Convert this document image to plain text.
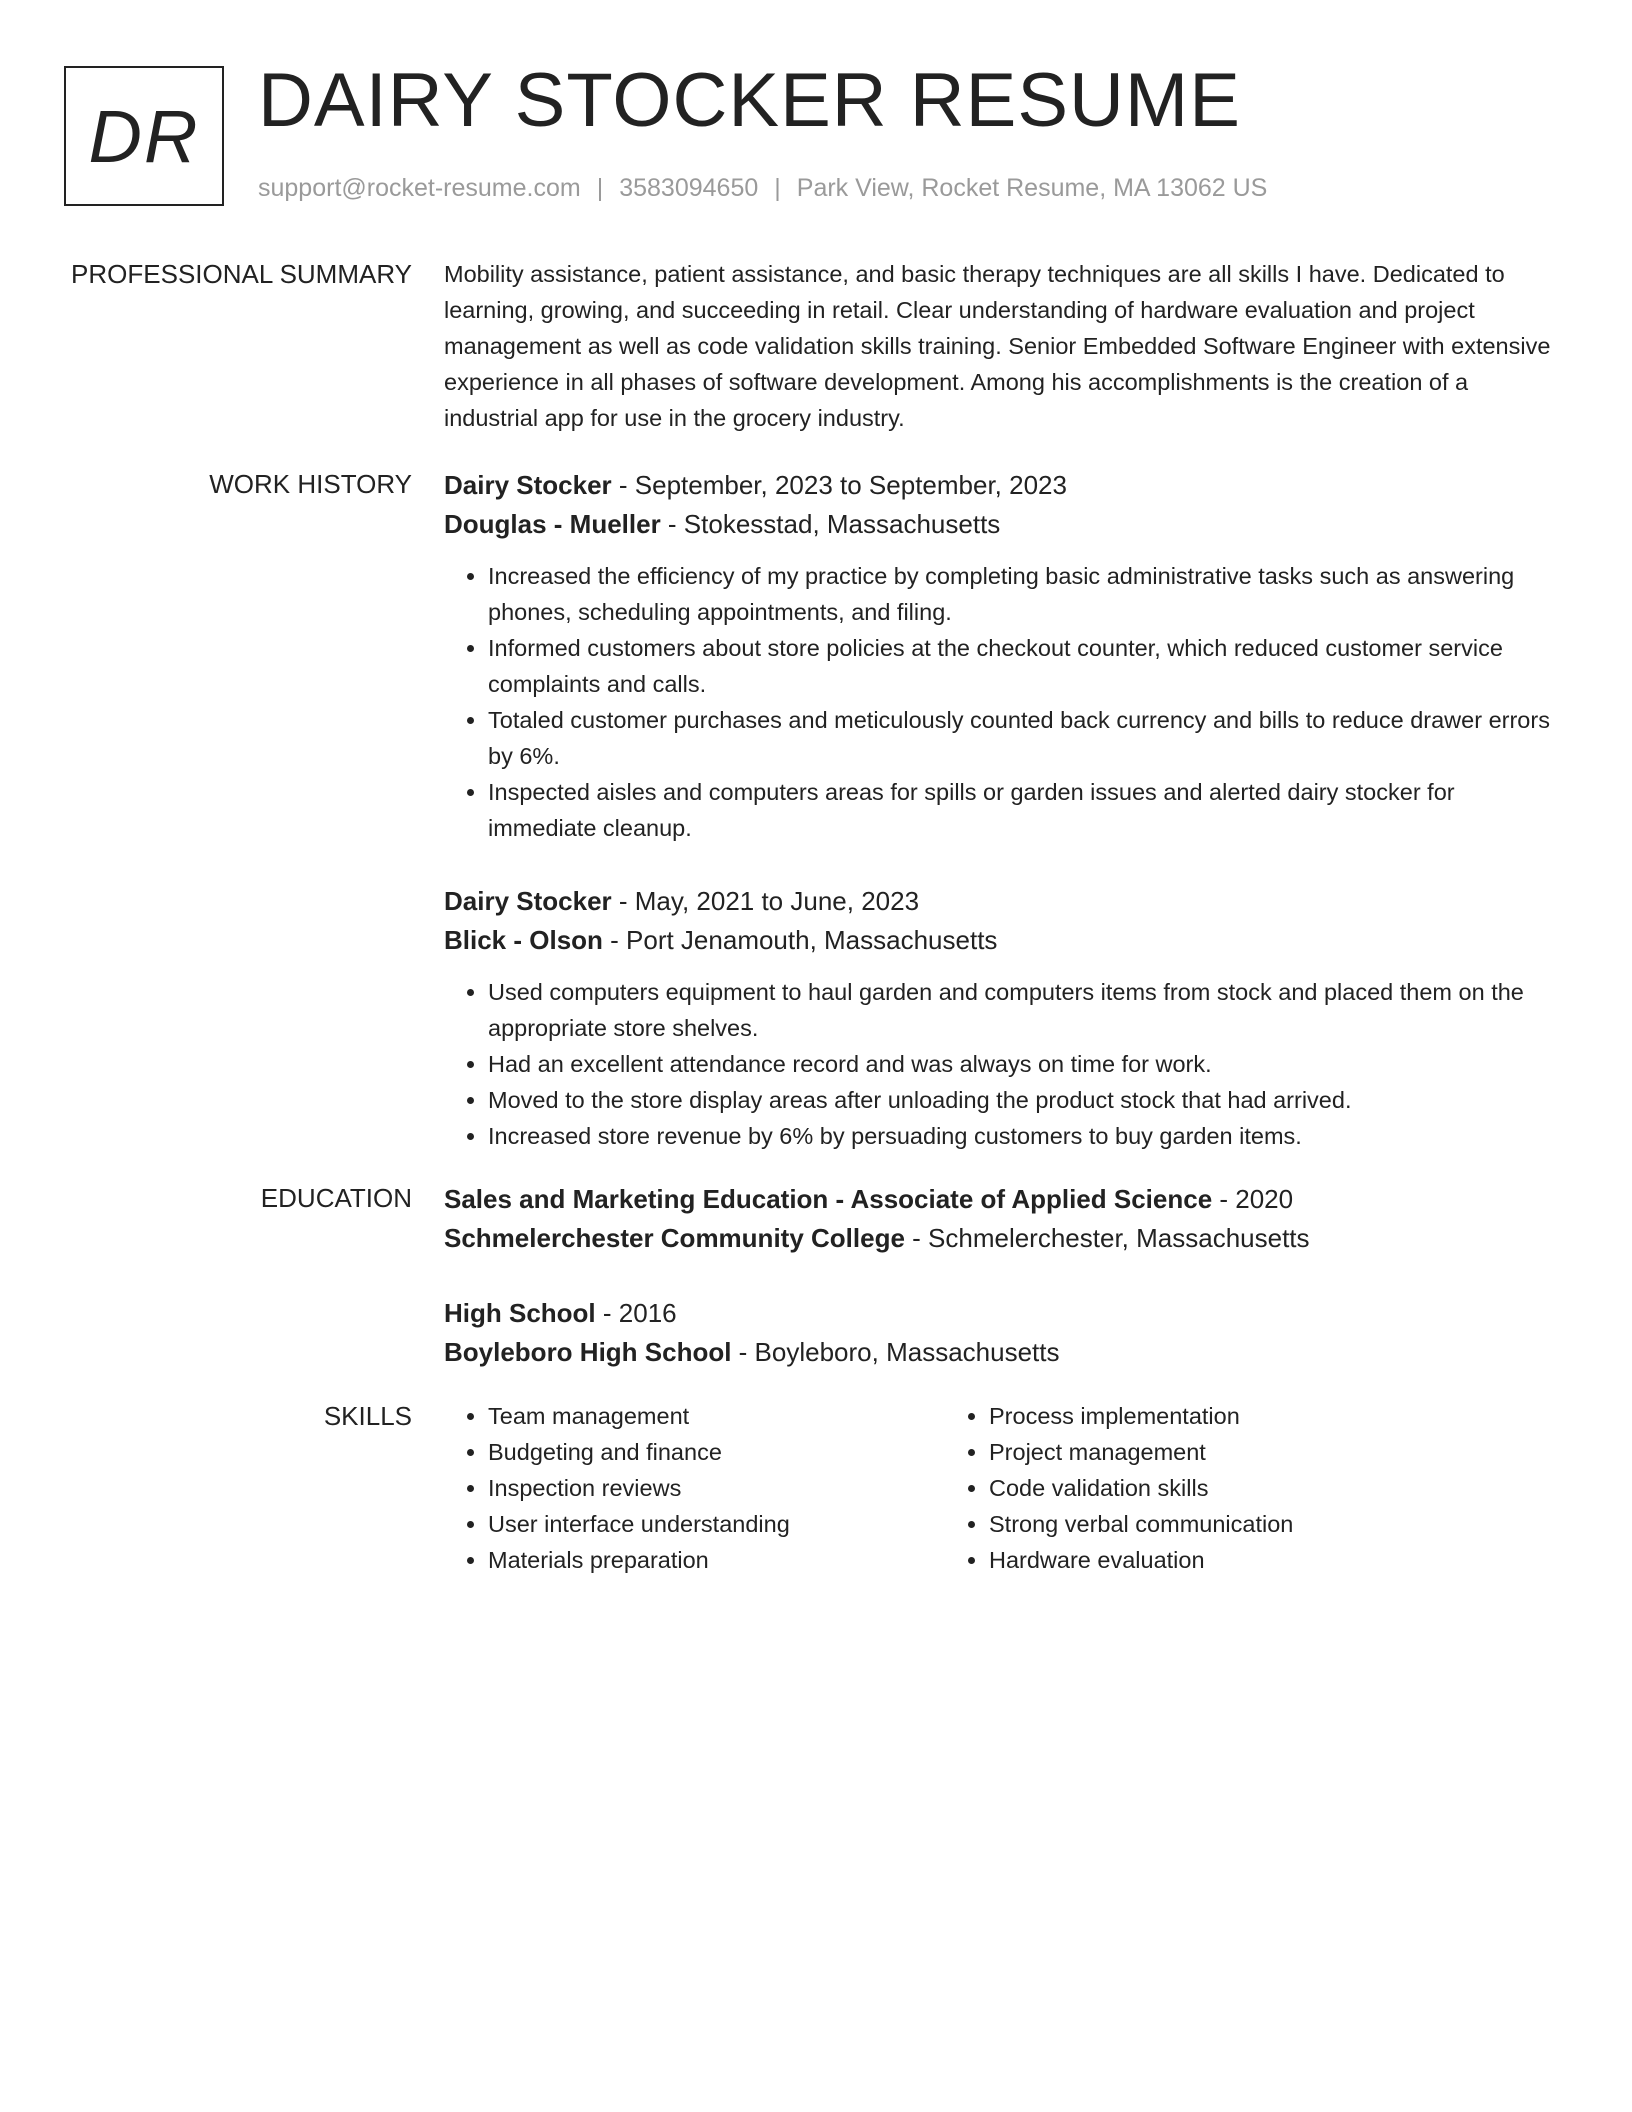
DR DAIRY STOCKER RESUME
support@rocket-resume.com | 3583094650 | Park View, Rocket Resume, MA 13062 US
PROFESSIONAL SUMMARY Mobility assistance, patient assistance, and basic therapy techniques are all skills I have. Dedicated to learning, growing, and succeeding in retail. Clear understanding of hardware evaluation and project management as well as code validation skills training. Senior Embedded Software Engineer with extensive experience in all phases of software development. Among his accomplishments is the creation of a industrial app for use in the grocery industry.

WORK HISTORY Dairy Stocker - September, 2023 to September, 2023
Douglas - Mueller - Stokesstad, Massachusetts
• Increased the efficiency of my practice by completing basic administrative tasks such as answering phones, scheduling appointments, and filing.
• Informed customers about store policies at the checkout counter, which reduced customer service complaints and calls.
• Totaled customer purchases and meticulously counted back currency and bills to reduce drawer errors by 6%.
• Inspected aisles and computers areas for spills or garden issues and alerted dairy stocker for immediate cleanup.
Dairy Stocker - May, 2021 to June, 2023
Blick - Olson - Port Jenamouth, Massachusetts
• Used computers equipment to haul garden and computers items from stock and placed them on the appropriate store shelves.
• Had an excellent attendance record and was always on time for work.
• Moved to the store display areas after unloading the product stock that had arrived.
• Increased store revenue by 6% by persuading customers to buy garden items.
EDUCATION Sales and Marketing Education - Associate of Applied Science - 2020
Schmelerchester Community College - Schmelerchester, Massachusetts
High School - 2016
Boyleboro High School - Boyleboro, Massachusetts
SKILLS
•	Team management
• Budgeting and finance
• Inspection reviews
• User interface understanding
• Materials preparation
• Process implementation
• Project management
• Code validation skills
• Strong verbal communication
• Hardware evaluation
